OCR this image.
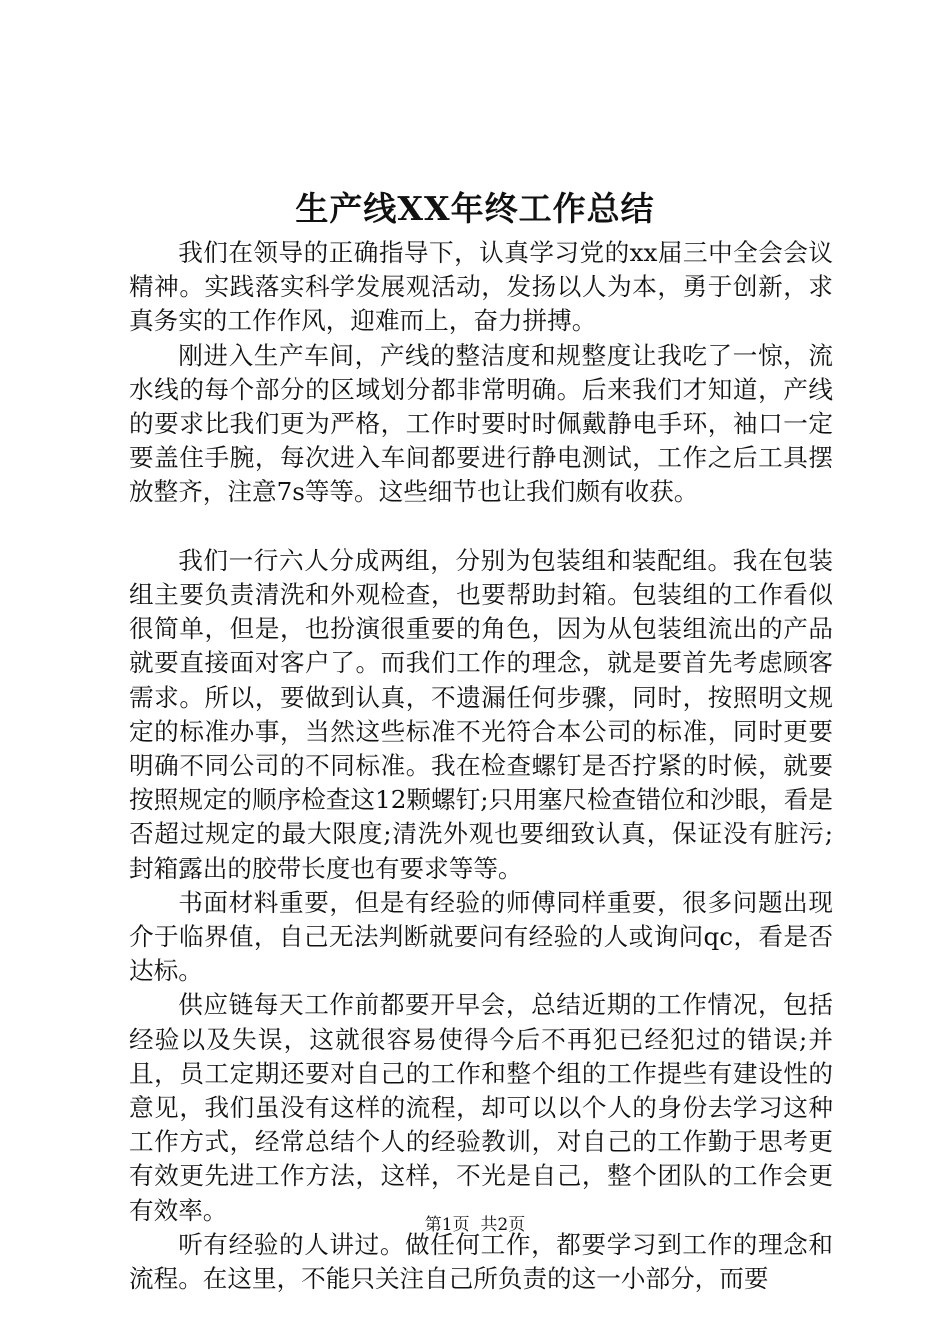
生产线XX年终工作总结

我们在领导的正确指导下，认真学习党的xx届三中全会会议精神。实践落实科学发展观活动，发扬以人为本，勇于创新，求真务实的工作作风，迎难而上，奋力拼搏。

刚进入生产车间，产线的整洁度和规整度让我吃了一惊，流水线的每个部分的区域划分都非常明确。后来我们才知道，产线的要求比我们更为严格，工作时要时时佩戴静电手环，袖口一定要盖住手腕，每次进入车间都要进行静电测试，工作之后工具摆放整齐，注意7s等等。这些细节也让我们颇有收获。

我们一行六人分成两组，分别为包装组和装配组。我在包装组主要负责清洗和外观检查，也要帮助封箱。包装组的工作看似很简单，但是，也扮演很重要的角色，因为从包装组流出的产品就要直接面对客户了。而我们工作的理念，就是要首先考虑顾客需求。所以，要做到认真，不遗漏任何步骤，同时，按照明文规定的标准办事，当然这些标准不光符合本公司的标准，同时更要明确不同公司的不同标准。我在检查螺钉是否拧紧的时候，就要按照规定的顺序检查这12颗螺钉;只用塞尺检查错位和沙眼，看是否超过规定的最大限度;清洗外观也要细致认真，保证没有脏污;封箱露出的胶带长度也有要求等等。

书面材料重要，但是有经验的师傅同样重要，很多问题出现介于临界值，自己无法判断就要问有经验的人或询问qc，看是否达标。

供应链每天工作前都要开早会，总结近期的工作情况，包括经验以及失误，这就很容易使得今后不再犯已经犯过的错误;并且，员工定期还要对自己的工作和整个组的工作提些有建设性的意见，我们虽没有这样的流程，却可以以个人的身份去学习这种工作方式，经常总结个人的经验教训，对自己的工作勤于思考更有效更先进工作方法，这样，不光是自己，整个团队的工作会更有效率。

听有经验的人讲过。做任何工作，都要学习到工作的理念和流程。在这里，不能只关注自己所负责的这一小部分，而要

第1页  共2页
